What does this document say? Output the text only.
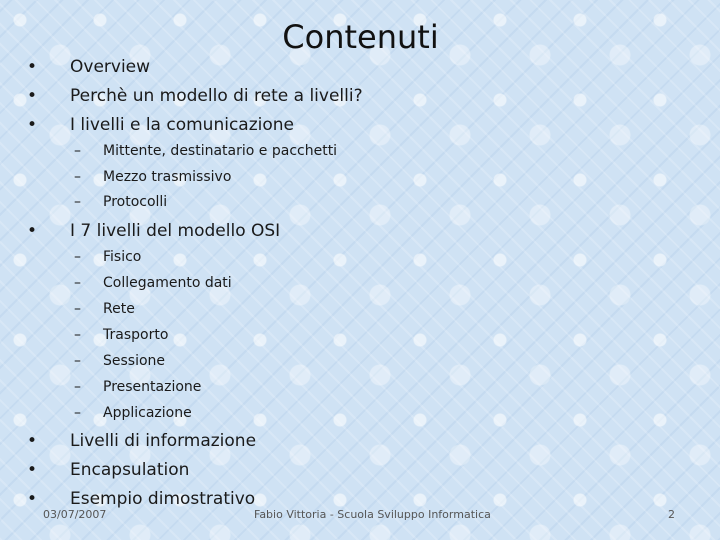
Contenuti
• Overview
• Perchè un modello di rete a livelli?
• I livelli e la comunicazione
– Mittente, destinatario e pacchetti
– Mezzo trasmissivo
– Protocolli
• I 7 livelli del modello OSI
– Fisico
– Collegamento dati
– Rete
– Trasporto
– Sessione
– Presentazione
– Applicazione
• Livelli di informazione
• Encapsulation
• Esempio dimostrativo
03/07/2007	Fabio Vittoria - Scuola Sviluppo Informatica	2
